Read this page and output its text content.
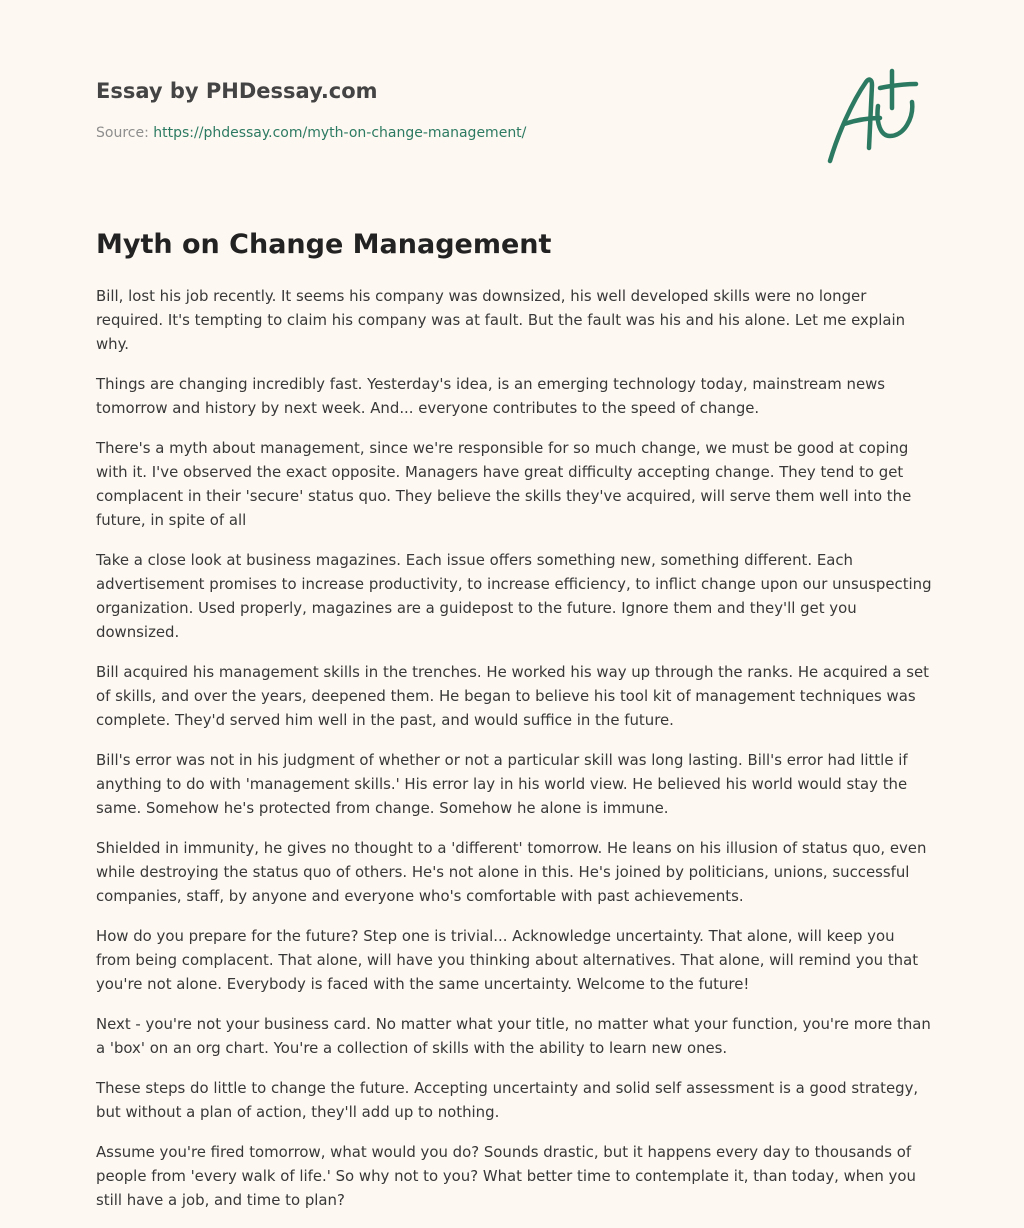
Essay by PHDessay.com
Source: https://phdessay.com/myth-on-change-management/
Myth on Change Management

Bill, lost his job recently. It seems his company was downsized, his well developed skills were no longer required. It's tempting to claim his company was at fault. But the fault was his and his alone. Let me explain why.

Things are changing incredibly fast. Yesterday's idea, is an emerging technology today, mainstream news tomorrow and history by next week. And... everyone contributes to the speed of change.

There's a myth about management, since we're responsible for so much change, we must be good at coping with it. I've observed the exact opposite. Managers have great difficulty accepting change. They tend to get complacent in their 'secure' status quo. They believe the skills they've acquired, will serve them well into the future, in spite of all

Take a close look at business magazines. Each issue offers something new, something different. Each advertisement promises to increase productivity, to increase efficiency, to inflict change upon our unsuspecting organization. Used properly, magazines are a guidepost to the future. Ignore them and they'll get you downsized.

Bill acquired his management skills in the trenches. He worked his way up through the ranks. He acquired a set of skills, and over the years, deepened them. He began to believe his tool kit of management techniques was complete. They'd served him well in the past, and would suffice in the future.

Bill's error was not in his judgment of whether or not a particular skill was long lasting. Bill's error had little if anything to do with 'management skills.' His error lay in his world view. He believed his world would stay the same. Somehow he's protected from change. Somehow he alone is immune.

Shielded in immunity, he gives no thought to a 'different' tomorrow. He leans on his illusion of status quo, even while destroying the status quo of others. He's not alone in this. He's joined by politicians, unions, successful companies, staff, by anyone and everyone who's comfortable with past achievements.

How do you prepare for the future? Step one is trivial... Acknowledge uncertainty. That alone, will keep you from being complacent. That alone, will have you thinking about alternatives. That alone, will remind you that you're not alone. Everybody is faced with the same uncertainty. Welcome to the future!

Next - you're not your business card. No matter what your title, no matter what your function, you're more than a 'box' on an org chart. You're a collection of skills with the ability to learn new ones.

These steps do little to change the future. Accepting uncertainty and solid self assessment is a good strategy, but without a plan of action, they'll add up to nothing.

Assume you're fired tomorrow, what would you do? Sounds drastic, but it happens every day to thousands of people from 'every walk of life.' So why not to you? What better time to contemplate it, than today, when you still have a job, and time to plan?
